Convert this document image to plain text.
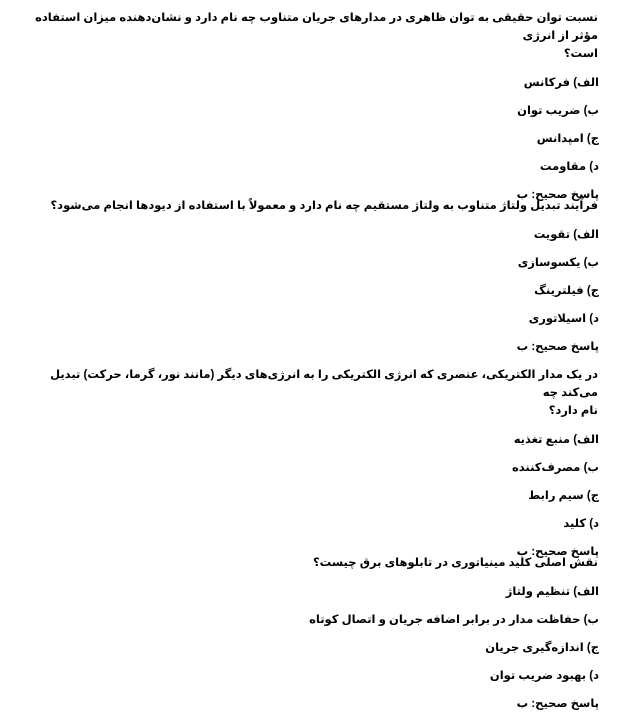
نسبت توان حقیقی به توان ظاهری در مدارهای جریان متناوب چه نام دارد و نشان‌دهنده میزان استفاده مؤثر از انرژی
است؟

الف) فرکانس

ب) ضریب توان

ج) امپدانس

د) مقاومت

پاسخ صحیح: ب

فرآیند تبدیل ولتاژ متناوب به ولتاژ مستقیم چه نام دارد و معمولاً با استفاده از دیودها انجام می‌شود؟

الف) تقویت

ب) یکسوسازی

ج) فیلترینگ

د) اسیلاتوری

پاسخ صحیح: ب

در یک مدار الکتریکی، عنصری که انرژی الکتریکی را به انرژی‌های دیگر (مانند نور، گرما، حرکت) تبدیل می‌کند چه
نام دارد؟

الف) منبع تغذیه

ب) مصرف‌کننده

ج) سیم رابط

د) کلید

پاسخ صحیح: ب

نقش اصلی کلید مینیاتوری در تابلوهای برق چیست؟

الف) تنظیم ولتاژ

ب) حفاظت مدار در برابر اضافه جریان و اتصال کوتاه

ج) اندازه‌گیری جریان

د) بهبود ضریب توان

پاسخ صحیح: ب
